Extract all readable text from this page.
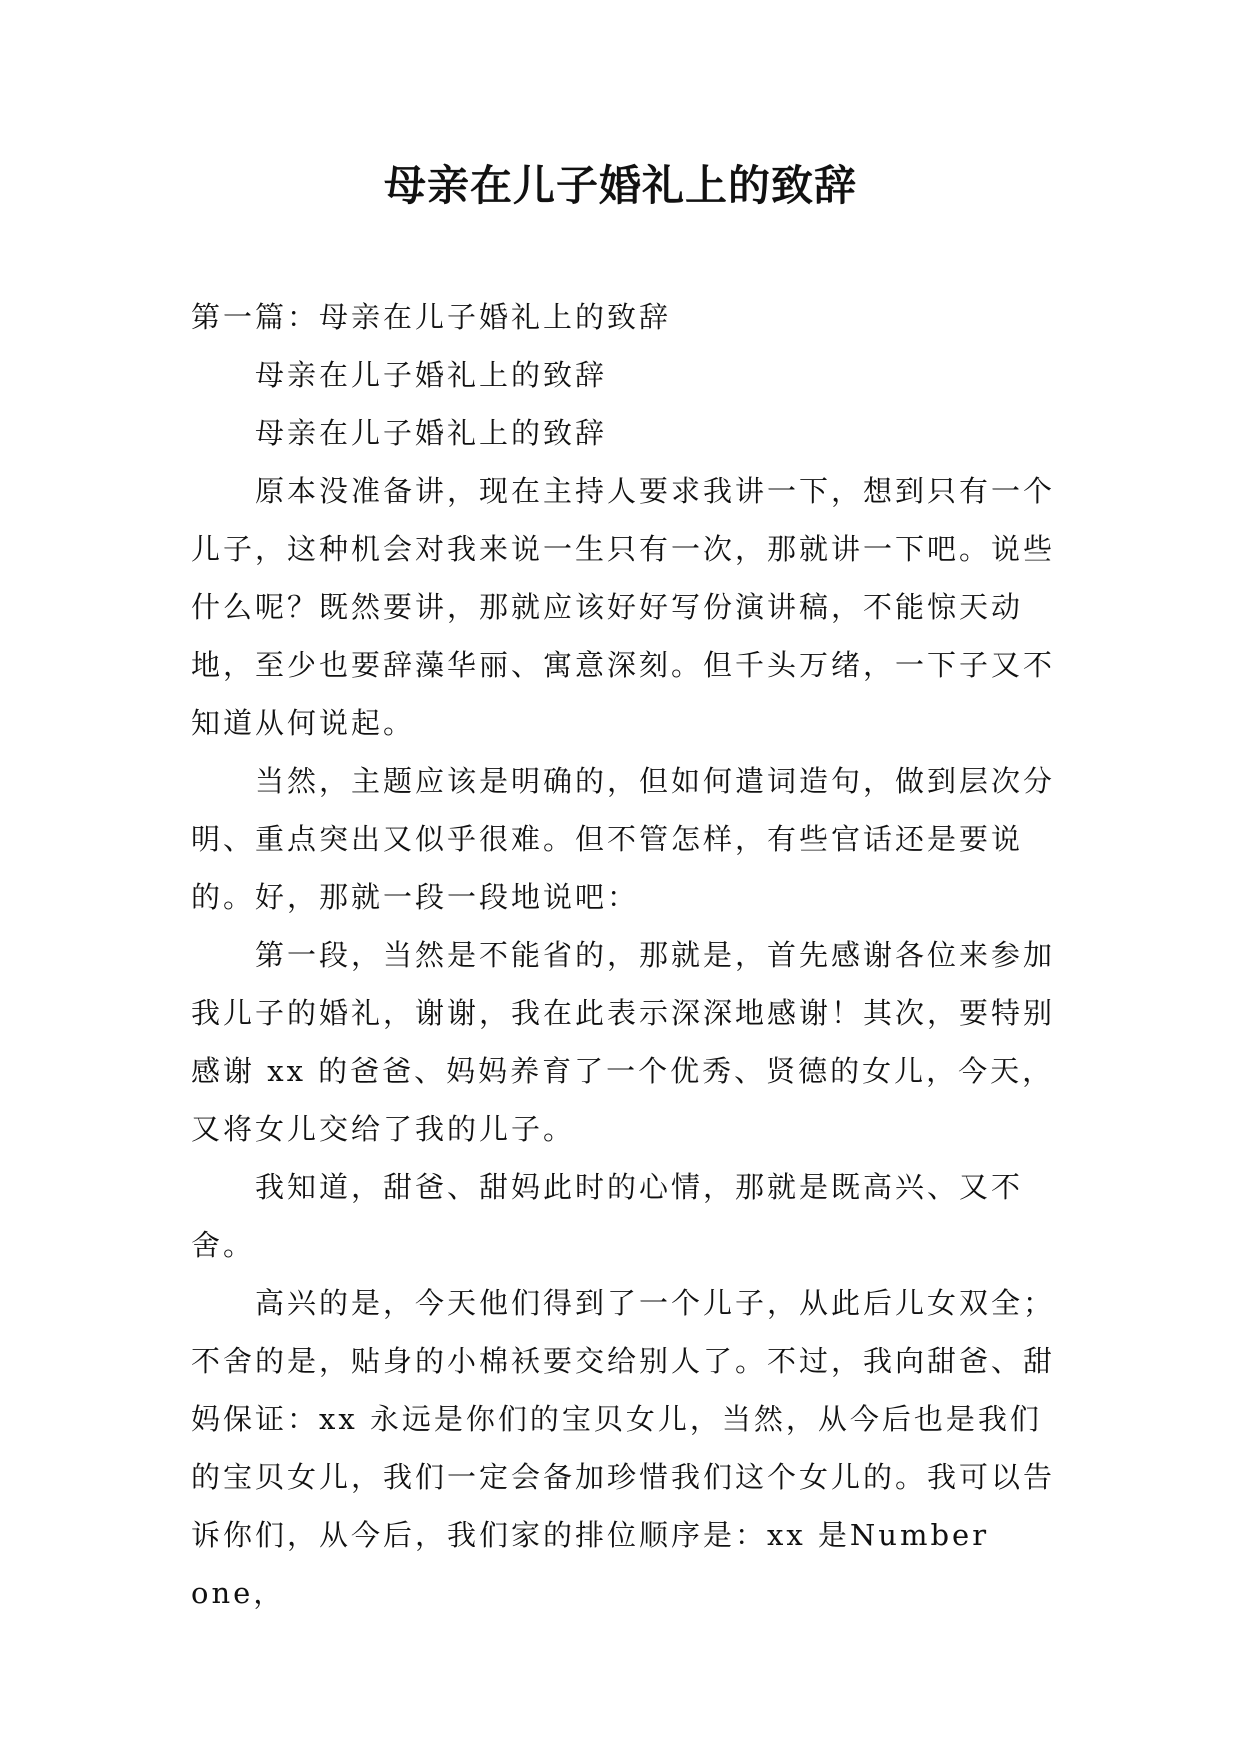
母亲在儿子婚礼上的致辞

第一篇：母亲在儿子婚礼上的致辞

母亲在儿子婚礼上的致辞

母亲在儿子婚礼上的致辞

原本没准备讲，现在主持人要求我讲一下，想到只有一个儿子，这种机会对我来说一生只有一次，那就讲一下吧。说些什么呢？既然要讲，那就应该好好写份演讲稿，不能惊天动地，至少也要辞藻华丽、寓意深刻。但千头万绪，一下子又不知道从何说起。

当然，主题应该是明确的，但如何遣词造句，做到层次分明、重点突出又似乎很难。但不管怎样，有些官话还是要说的。好，那就一段一段地说吧：

第一段，当然是不能省的，那就是，首先感谢各位来参加我儿子的婚礼，谢谢，我在此表示深深地感谢！其次，要特别感谢 xx 的爸爸、妈妈养育了一个优秀、贤德的女儿，今天，又将女儿交给了我的儿子。

我知道，甜爸、甜妈此时的心情，那就是既高兴、又不舍。

高兴的是，今天他们得到了一个儿子，从此后儿女双全；不舍的是，贴身的小棉袄要交给别人了。不过，我向甜爸、甜妈保证：xx 永远是你们的宝贝女儿，当然，从今后也是我们的宝贝女儿，我们一定会备加珍惜我们这个女儿的。我可以告诉你们，从今后，我们家的排位顺序是：xx 是Number one，
